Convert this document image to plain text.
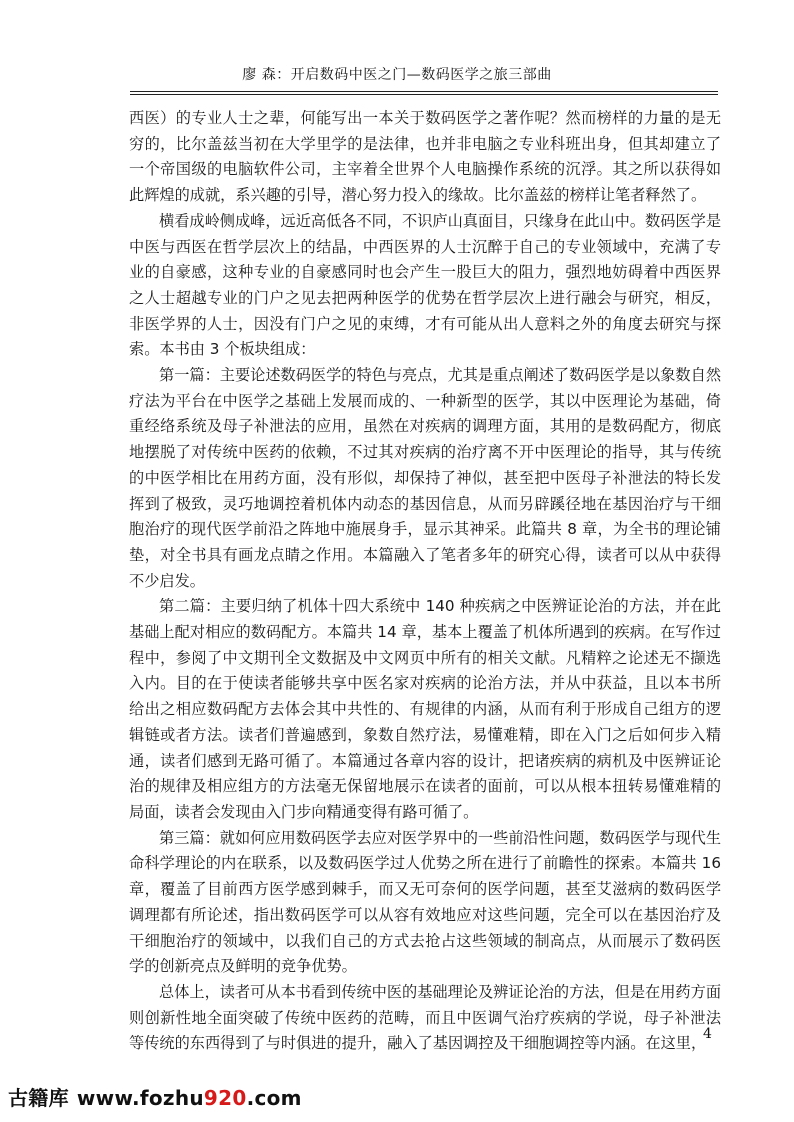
廖 森：开启数码中医之门—数码医学之旅三部曲

西医）的专业人士之辈，何能写出一本关于数码医学之著作呢？然而榜样的力量的是无穷的，比尔盖兹当初在大学里学的是法律，也并非电脑之专业科班出身，但其却建立了一个帝国级的电脑软件公司，主宰着全世界个人电脑操作系统的沉浮。其之所以获得如此辉煌的成就，系兴趣的引导，潜心努力投入的缘故。比尔盖兹的榜样让笔者释然了。

横看成岭侧成峰，远近高低各不同，不识庐山真面目，只缘身在此山中。数码医学是中医与西医在哲学层次上的结晶，中西医界的人士沉醉于自己的专业领域中，充满了专业的自豪感，这种专业的自豪感同时也会产生一股巨大的阻力，强烈地妨碍着中西医界之人士超越专业的门户之见去把两种医学的优势在哲学层次上进行融会与研究，相反，非医学界的人士，因没有门户之见的束缚，才有可能从出人意料之外的角度去研究与探索。本书由 3 个板块组成：

第一篇：主要论述数码医学的特色与亮点，尤其是重点阐述了数码医学是以象数自然疗法为平台在中医学之基础上发展而成的、一种新型的医学，其以中医理论为基础，倚重经络系统及母子补泄法的应用，虽然在对疾病的调理方面，其用的是数码配方，彻底地摆脱了对传统中医药的依赖，不过其对疾病的治疗离不开中医理论的指导，其与传统的中医学相比在用药方面，没有形似，却保持了神似，甚至把中医母子补泄法的特长发挥到了极致，灵巧地调控着机体内动态的基因信息，从而另辟蹊径地在基因治疗与干细胞治疗的现代医学前沿之阵地中施展身手，显示其神采。此篇共 8 章，为全书的理论铺垫，对全书具有画龙点睛之作用。本篇融入了笔者多年的研究心得，读者可以从中获得不少启发。

第二篇：主要归纳了机体十四大系统中 140 种疾病之中医辨证论治的方法，并在此基础上配对相应的数码配方。本篇共 14 章，基本上覆盖了机体所遇到的疾病。在写作过程中，参阅了中文期刊全文数据及中文网页中所有的相关文献。凡精粹之论述无不撷选入内。目的在于使读者能够共享中医名家对疾病的论治方法，并从中获益，且以本书所给出之相应数码配方去体会其中共性的、有规律的内涵，从而有利于形成自己组方的逻辑链或者方法。读者们普遍感到，象数自然疗法，易懂难精，即在入门之后如何步入精通，读者们感到无路可循了。本篇通过各章内容的设计，把诸疾病的病机及中医辨证论治的规律及相应组方的方法毫无保留地展示在读者的面前，可以从根本扭转易懂难精的局面，读者会发现由入门步向精通变得有路可循了。

第三篇：就如何应用数码医学去应对医学界中的一些前沿性问题，数码医学与现代生命科学理论的内在联系，以及数码医学过人优势之所在进行了前瞻性的探索。本篇共 16 章，覆盖了目前西方医学感到棘手，而又无可奈何的医学问题，甚至艾滋病的数码医学调理都有所论述，指出数码医学可以从容有效地应对这些问题，完全可以在基因治疗及干细胞治疗的领域中，以我们自己的方式去抢占这些领域的制高点，从而展示了数码医学的创新亮点及鲜明的竞争优势。

总体上，读者可从本书看到传统中医的基础理论及辨证论治的方法，但是在用药方面则创新性地全面突破了传统中医药的范畴，而且中医调气治疗疾病的学说，母子补泄法等传统的东西得到了与时俱进的提升，融入了基因调控及干细胞调控等内涵。在这里，

4
古籍库 www.fozhu920.com
